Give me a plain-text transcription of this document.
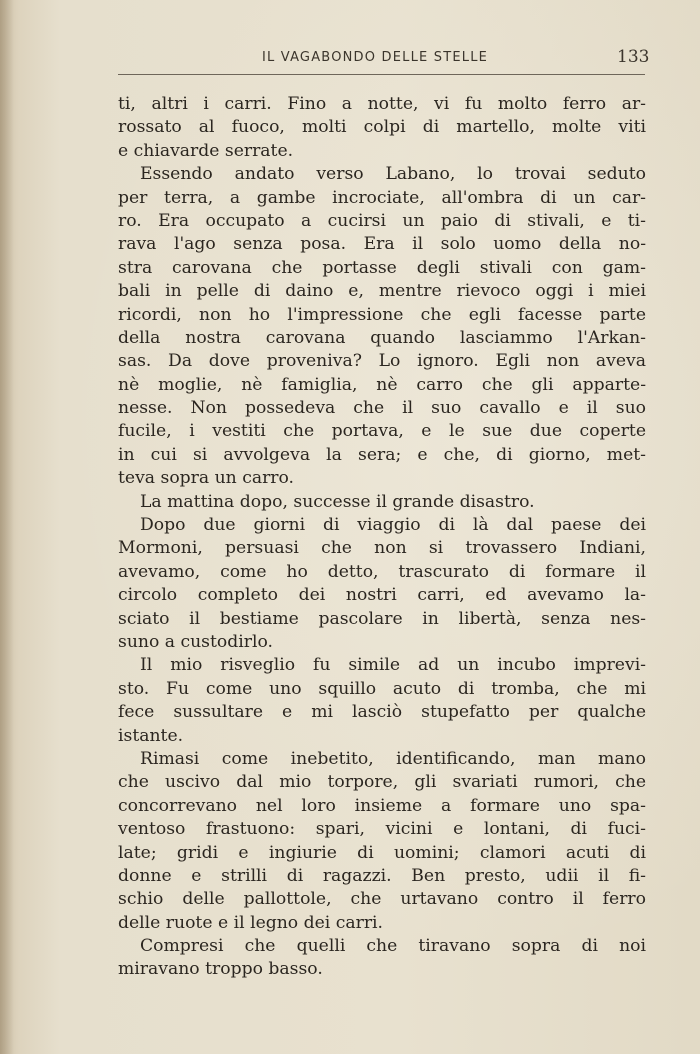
IL VAGABONDO DELLE STELLE	133
ti, altri i carri. Fino a notte, vi fu molto ferro ar-
rossato al fuoco, molti colpi di martello, molte viti
e chiavarde serrate.
Essendo andato verso Labano, lo trovai seduto
per terra, a gambe incrociate, all'ombra di un car-
ro. Era occupato a cucirsi un paio di stivali, e ti-
rava l'ago senza posa. Era il solo uomo della no-
stra carovana che portasse degli stivali con gam-
bali in pelle di daino e, mentre rievoco oggi i miei
ricordi, non ho l'impressione che egli facesse parte
della nostra carovana quando lasciammo l'Arkan-
sas. Da dove proveniva? Lo ignoro. Egli non aveva
nè moglie, nè famiglia, nè carro che gli apparte-
nesse. Non possedeva che il suo cavallo e il suo
fucile, i vestiti che portava, e le sue due coperte
in cui si avvolgeva la sera; e che, di giorno, met-
teva sopra un carro.
La mattina dopo, successe il grande disastro.
Dopo due giorni di viaggio di là dal paese dei
Mormoni, persuasi che non si trovassero Indiani,
avevamo, come ho detto, trascurato di formare il
circolo completo dei nostri carri, ed avevamo la-
sciato il bestiame pascolare in libertà, senza nes-
suno a custodirlo.
Il mio risveglio fu simile ad un incubo imprevi-
sto. Fu come uno squillo acuto di tromba, che mi
fece sussultare e mi lasciò stupefatto per qualche
istante.
Rimasi come inebetito, identificando, man mano
che uscivo dal mio torpore, gli svariati rumori, che
concorrevano nel loro insieme a formare uno spa-
ventoso frastuono: spari, vicini e lontani, di fuci-
late; gridi e ingiurie di uomini; clamori acuti di
donne e strilli di ragazzi. Ben presto, udii il fi-
schio delle pallottole, che urtavano contro il ferro
delle ruote e il legno dei carri.
Compresi che quelli che tiravano sopra di noi
miravano troppo basso.
